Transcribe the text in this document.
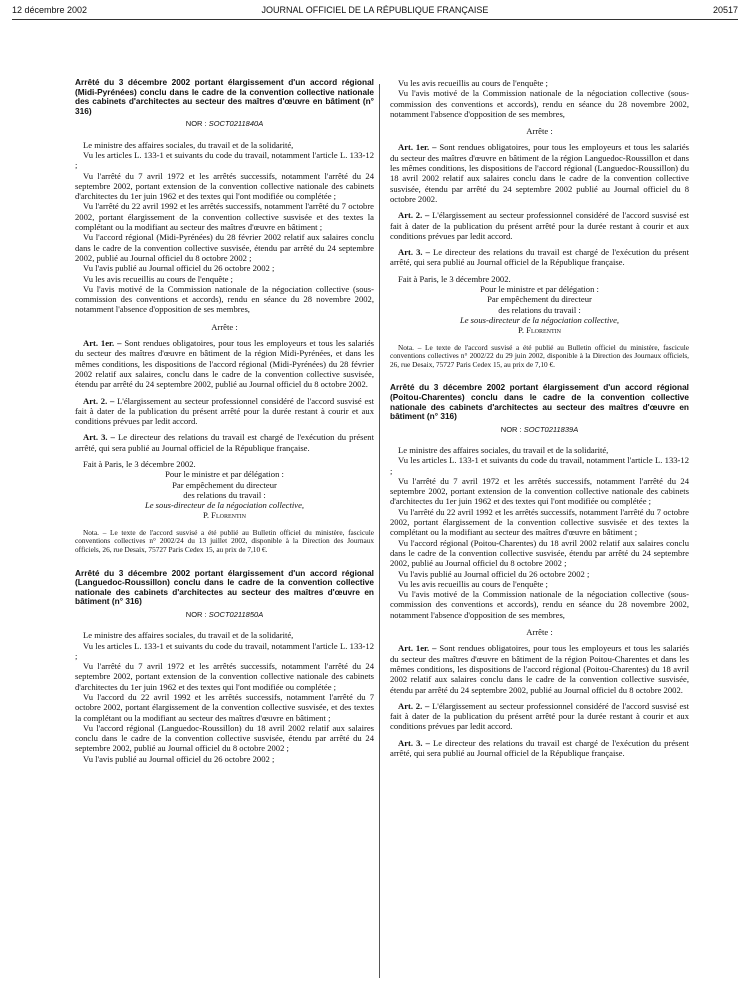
12 décembre 2002	JOURNAL OFFICIEL DE LA RÉPUBLIQUE FRANÇAISE	20517
Arrêté du 3 décembre 2002 portant élargissement d'un accord régional (Midi-Pyrénées) conclu dans le cadre de la convention collective nationale des cabinets d'architectes au secteur des maîtres d'œuvre en bâtiment (n° 316)
NOR : SOCT0211840A

Le ministre des affaires sociales, du travail et de la solidarité,

Vu les articles L. 133-1 et suivants du code du travail, notamment l'article L. 133-12 ;

Vu l'arrêté du 7 avril 1972 et les arrêtés successifs, notamment l'arrêté du 24 septembre 2002, portant extension de la convention collective nationale des cabinets d'architectes du 1er juin 1962 et des textes qui l'ont modifiée ou complétée ;

Vu l'arrêté du 22 avril 1992 et les arrêtés successifs, notamment l'arrêté du 7 octobre 2002, portant élargissement de la convention collective susvisée et des textes la complétant ou la modifiant au secteur des maîtres d'œuvre en bâtiment ;

Vu l'accord régional (Midi-Pyrénées) du 28 février 2002 relatif aux salaires conclu dans le cadre de la convention collective susvisée, étendu par arrêté du 24 septembre 2002, publié au Journal officiel du 8 octobre 2002 ;

Vu l'avis publié au Journal officiel du 26 octobre 2002 ;

Vu les avis recueillis au cours de l'enquête ;

Vu l'avis motivé de la Commission nationale de la négociation collective (sous-commission des conventions et accords), rendu en séance du 28 novembre 2002, notamment l'absence d'opposition de ses membres,

Arrête :

Art. 1er. – Sont rendues obligatoires, pour tous les employeurs et tous les salariés du secteur des maîtres d'œuvre en bâtiment de la région Midi-Pyrénées, et dans les mêmes conditions, les dispositions de l'accord régional (Midi-Pyrénées) du 28 février 2002 relatif aux salaires, conclu dans le cadre de la convention collective susvisée, étendu par arrêté du 24 septembre 2002, publié au Journal officiel du 8 octobre 2002.

Art. 2. – L'élargissement au secteur professionnel considéré de l'accord susvisé est fait à dater de la publication du présent arrêté pour la durée restant à courir et aux conditions prévues par ledit accord.

Art. 3. – Le directeur des relations du travail est chargé de l'exécution du présent arrêté, qui sera publié au Journal officiel de la République française.

Fait à Paris, le 3 décembre 2002.

Pour le ministre et par délégation :

Par empêchement du directeur

des relations du travail :

Le sous-directeur de la négociation collective,

P. Florentin

Nota. – Le texte de l'accord susvisé a été publié au Bulletin officiel du ministère, fascicule conventions collectives n° 2002/24 du 13 juillet 2002, disponible à la Direction des Journaux officiels, 26, rue Desaix, 75727 Paris Cedex 15, au prix de 7,10 €.

Arrêté du 3 décembre 2002 portant élargissement d'un accord régional (Languedoc-Roussillon) conclu dans le cadre de la convention collective nationale des cabinets d'architectes au secteur des maîtres d'œuvre en bâtiment (n° 316)
NOR : SOCT0211850A

Le ministre des affaires sociales, du travail et de la solidarité,

Vu les articles L. 133-1 et suivants du code du travail, notamment l'article L. 133-12 ;

Vu l'arrêté du 7 avril 1972 et les arrêtés successifs, notamment l'arrêté du 24 septembre 2002, portant extension de la convention collective nationale des cabinets d'architectes du 1er juin 1962 et des textes qui l'ont modifiée ou complétée ;

Vu l'accord du 22 avril 1992 et les arrêtés successifs, notamment l'arrêté du 7 octobre 2002, portant élargissement de la convention collective susvisée, et des textes la complétant ou la modifiant au secteur des maîtres d'œuvre en bâtiment ;

Vu l'accord régional (Languedoc-Roussillon) du 18 avril 2002 relatif aux salaires conclu dans le cadre de la convention collective susvisée, étendu par arrêté du 24 septembre 2002, publié au Journal officiel du 8 octobre 2002 ;

Vu l'avis publié au Journal officiel du 26 octobre 2002 ;

Vu les avis recueillis au cours de l'enquête ;

Vu l'avis motivé de la Commission nationale de la négociation collective (sous-commission des conventions et accords), rendu en séance du 28 novembre 2002, notamment l'absence d'opposition de ses membres,

Arrête :

Art. 1er. – Sont rendues obligatoires, pour tous les employeurs et tous les salariés du secteur des maîtres d'œuvre en bâtiment de la région Languedoc-Roussillon et dans les mêmes conditions, les dispositions de l'accord régional (Languedoc-Roussillon) du 18 avril 2002 relatif aux salaires conclu dans le cadre de la convention collective susvisée, étendu par arrêté du 24 septembre 2002 publié au Journal officiel du 8 octobre 2002.

Art. 2. – L'élargissement au secteur professionnel considéré de l'accord susvisé est fait à dater de la publication du présent arrêté pour la durée restant à courir et aux conditions prévues par ledit accord.

Art. 3. – Le directeur des relations du travail est chargé de l'exécution du présent arrêté, qui sera publié au Journal officiel de la République française.

Fait à Paris, le 3 décembre 2002.

Pour le ministre et par délégation :

Par empêchement du directeur

des relations du travail :

Le sous-directeur de la négociation collective,

P. Florentin

Nota. – Le texte de l'accord susvisé a été publié au Bulletin officiel du ministère, fascicule conventions collectives n° 2002/22 du 29 juin 2002, disponible à la Direction des Journaux officiels, 26, rue Desaix, 75727 Paris Cedex 15, au prix de 7,10 €.

Arrêté du 3 décembre 2002 portant élargissement d'un accord régional (Poitou-Charentes) conclu dans le cadre de la convention collective nationale des cabinets d'architectes au secteur des maîtres d'œuvre en bâtiment (n° 316)
NOR : SOCT0211839A

Le ministre des affaires sociales, du travail et de la solidarité,

Vu les articles L. 133-1 et suivants du code du travail, notamment l'article L. 133-12 ;

Vu l'arrêté du 7 avril 1972 et les arrêtés successifs, notamment l'arrêté du 24 septembre 2002, portant extension de la convention collective nationale des cabinets d'architectes du 1er juin 1962 et des textes qui l'ont modifiée ou complétée ;

Vu l'arrêté du 22 avril 1992 et les arrêtés successifs, notamment l'arrêté du 7 octobre 2002, portant élargissement de la convention collective susvisée et des textes la complétant ou la modifiant au secteur des maîtres d'œuvre en bâtiment ;

Vu l'accord régional (Poitou-Charentes) du 18 avril 2002 relatif aux salaires conclu dans le cadre de la convention collective susvisée, étendu par arrêté du 24 septembre 2002, publié au Journal officiel du 8 octobre 2002 ;

Vu l'avis publié au Journal officiel du 26 octobre 2002 ;

Vu les avis recueillis au cours de l'enquête ;

Vu l'avis motivé de la Commission nationale de la négociation collective (sous-commission des conventions et accords), rendu en séance du 28 novembre 2002, notamment l'absence d'opposition de ses membres,

Arrête :

Art. 1er. – Sont rendues obligatoires, pour tous les employeurs et tous les salariés du secteur des maîtres d'œuvre en bâtiment de la région Poitou-Charentes et dans les mêmes conditions, les dispositions de l'accord régional (Poitou-Charentes) du 18 avril 2002 relatif aux salaires conclu dans le cadre de la convention collective susvisée, étendu par arrêté du 24 septembre 2002, publié au Journal officiel du 8 octobre 2002.

Art. 2. – L'élargissement au secteur professionnel considéré de l'accord susvisé est fait à dater de la publication du présent arrêté pour la durée restant à courir et aux conditions prévues par ledit accord.

Art. 3. – Le directeur des relations du travail est chargé de l'exécution du présent arrêté, qui sera publié au Journal officiel de la République française.
